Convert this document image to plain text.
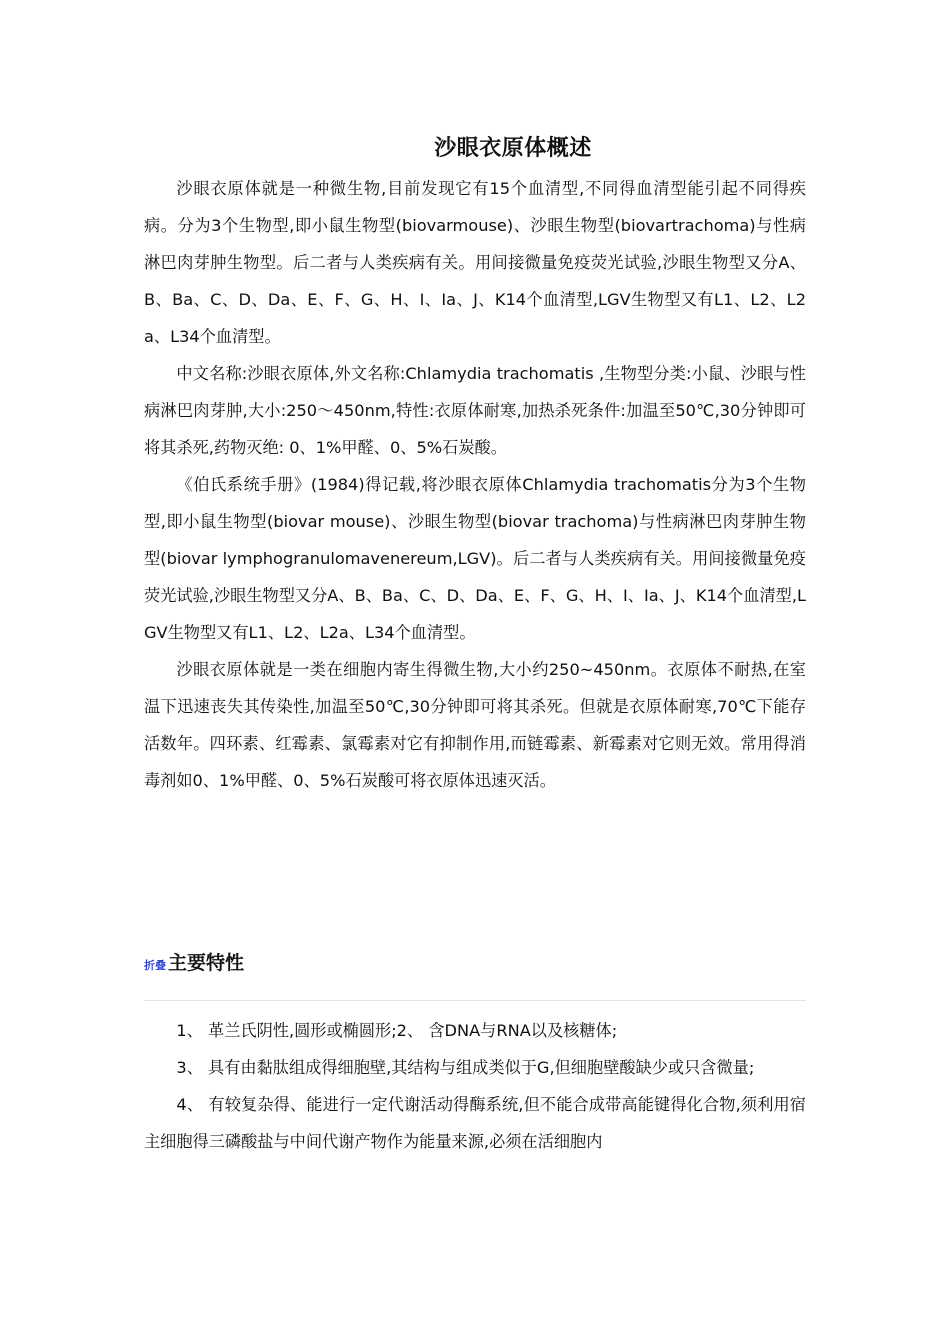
沙眼衣原体概述

沙眼衣原体就是一种微生物,目前发现它有15个血清型,不同得血清型能引起不同得疾病。分为3个生物型,即小鼠生物型(biovarmouse)、沙眼生物型(biovartrachoma)与性病淋巴肉芽肿生物型。后二者与人类疾病有关。用间接微量免疫荧光试验,沙眼生物型又分A、B、Ba、C、D、Da、E、F、G、H、I、Ia、J、K14个血清型,LGV生物型又有L1、L2、L2a、L34个血清型。

中文名称:沙眼衣原体,外文名称:Chlamydia trachomatis ,生物型分类:小鼠、沙眼与性病淋巴肉芽肿,大小:250～450nm,特性:衣原体耐寒,加热杀死条件:加温至50℃,30分钟即可将其杀死,药物灭绝: 0、1%甲醛、0、5%石炭酸。

《伯氏系统手册》(1984)得记载,将沙眼衣原体Chlamydia trachomatis分为3个生物型,即小鼠生物型(biovar mouse)、沙眼生物型(biovar trachoma)与性病淋巴肉芽肿生物型(biovar lymphogranulomavenereum,LGV)。后二者与人类疾病有关。用间接微量免疫荧光试验,沙眼生物型又分A、B、Ba、C、D、Da、E、F、G、H、I、Ia、J、K14个血清型,LGV生物型又有L1、L2、L2a、L34个血清型。

沙眼衣原体就是一类在细胞内寄生得微生物,大小约250~450nm。衣原体不耐热,在室温下迅速丧失其传染性,加温至50℃,30分钟即可将其杀死。但就是衣原体耐寒,70℃下能存活数年。四环素、红霉素、氯霉素对它有抑制作用,而链霉素、新霉素对它则无效。常用得消毒剂如0、1%甲醛、0、5%石炭酸可将衣原体迅速灭活。

折叠 主要特性

1、 革兰氏阴性,圆形或椭圆形;2、 含DNA与RNA以及核糖体;

3、 具有由黏肽组成得细胞壁,其结构与组成类似于G,但细胞壁酸缺少或只含微量;

4、 有较复杂得、能进行一定代谢活动得酶系统,但不能合成带高能键得化合物,须利用宿主细胞得三磷酸盐与中间代谢产物作为能量来源,必须在活细胞内
